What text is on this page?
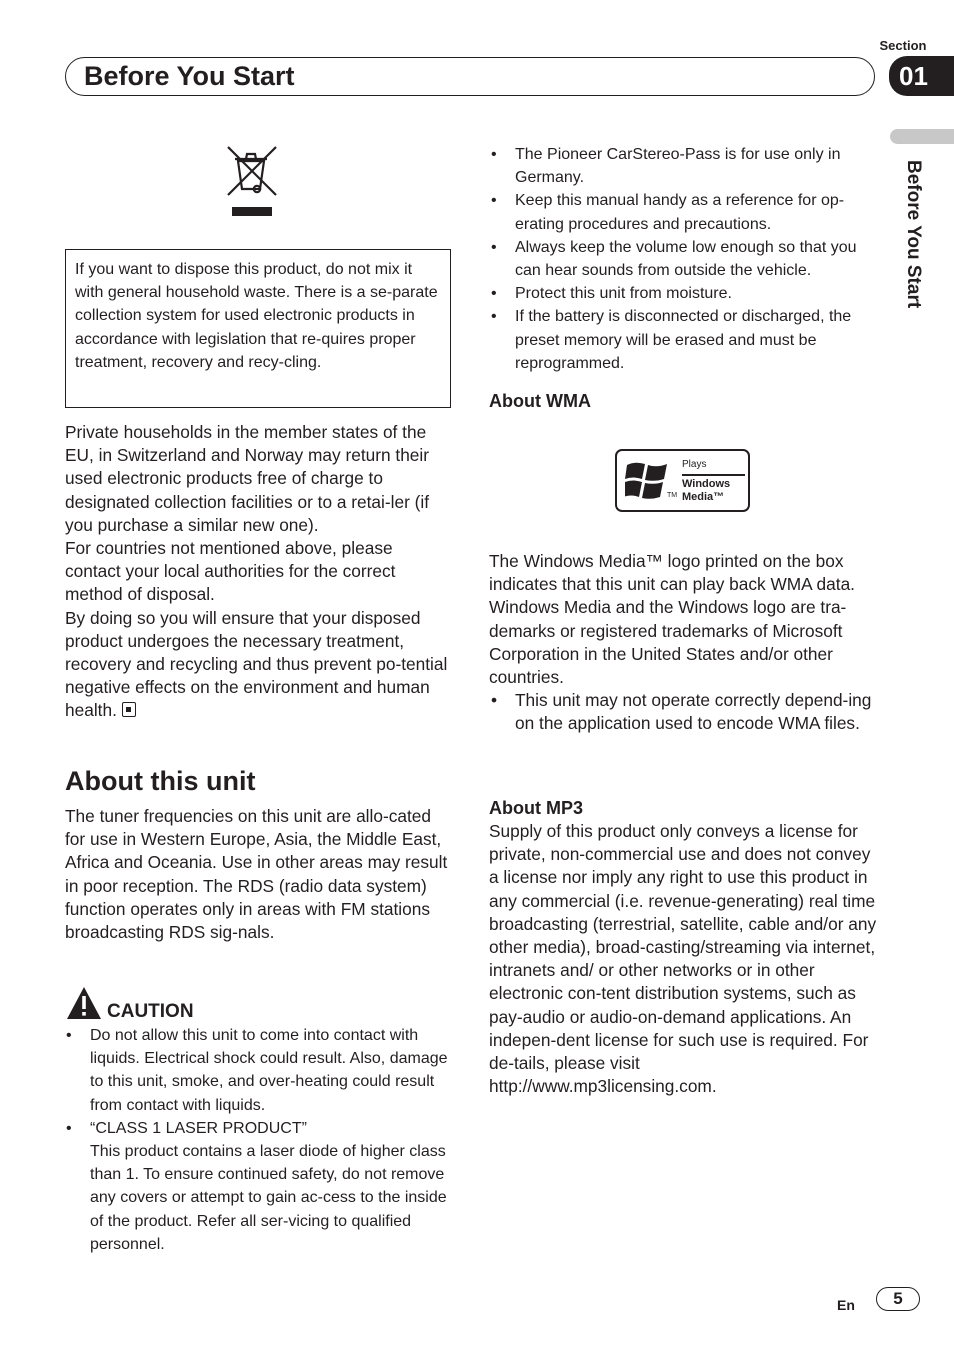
Section
01
Before You Start
Before You Start

If you want to dispose this product, do not mix it with general household waste. There is a se-parate collection system for used electronic products in accordance with legislation that re-quires proper treatment, recovery and recy-cling.

Private households in the member states of the EU, in Switzerland and Norway may return their used electronic products free of charge to designated collection facilities or to a retai-ler (if you purchase a similar new one).

For countries not mentioned above, please contact your local authorities for the correct method of disposal.

By doing so you will ensure that your disposed product undergoes the necessary treatment, recovery and recycling and thus prevent po-tential negative effects on the environment and human health.

About this unit

The tuner frequencies on this unit are allo-cated for use in Western Europe, Asia, the Middle East, Africa and Oceania. Use in other areas may result in poor reception. The RDS (radio data system) function operates only in areas with FM stations broadcasting RDS sig-nals.

CAUTION
• Do not allow this unit to come into contact with liquids. Electrical shock could result. Also, damage to this unit, smoke, and over-heating could result from contact with liquids.
• “CLASS 1 LASER PRODUCT”
This product contains a laser diode of higher class than 1. To ensure continued safety, do not remove any covers or attempt to gain ac-cess to the inside of the product. Refer all ser-vicing to qualified personnel.
• The Pioneer CarStereo-Pass is for use only in Germany.
• Keep this manual handy as a reference for op-erating procedures and precautions.
• Always keep the volume low enough so that you can hear sounds from outside the vehicle.
• Protect this unit from moisture.
• If the battery is disconnected or discharged, the preset memory will be erased and must be reprogrammed.
About WMA
TM
Plays
Windows
Media™

The Windows Media™ logo printed on the box indicates that this unit can play back WMA data.

Windows Media and the Windows logo are tra-demarks or registered trademarks of Microsoft Corporation in the United States and/or other countries.

• This unit may not operate correctly depend-ing on the application used to encode WMA files.
About MP3

Supply of this product only conveys a license for private, non-commercial use and does not convey a license nor imply any right to use this product in any commercial (i.e. revenue-generating) real time broadcasting (terrestrial, satellite, cable and/or any other media), broad-casting/streaming via internet, intranets and/ or other networks or in other electronic con-tent distribution systems, such as pay-audio or audio-on-demand applications. An indepen-dent license for such use is required. For de-tails, please visit

http://www.mp3licensing.com.

En	5
